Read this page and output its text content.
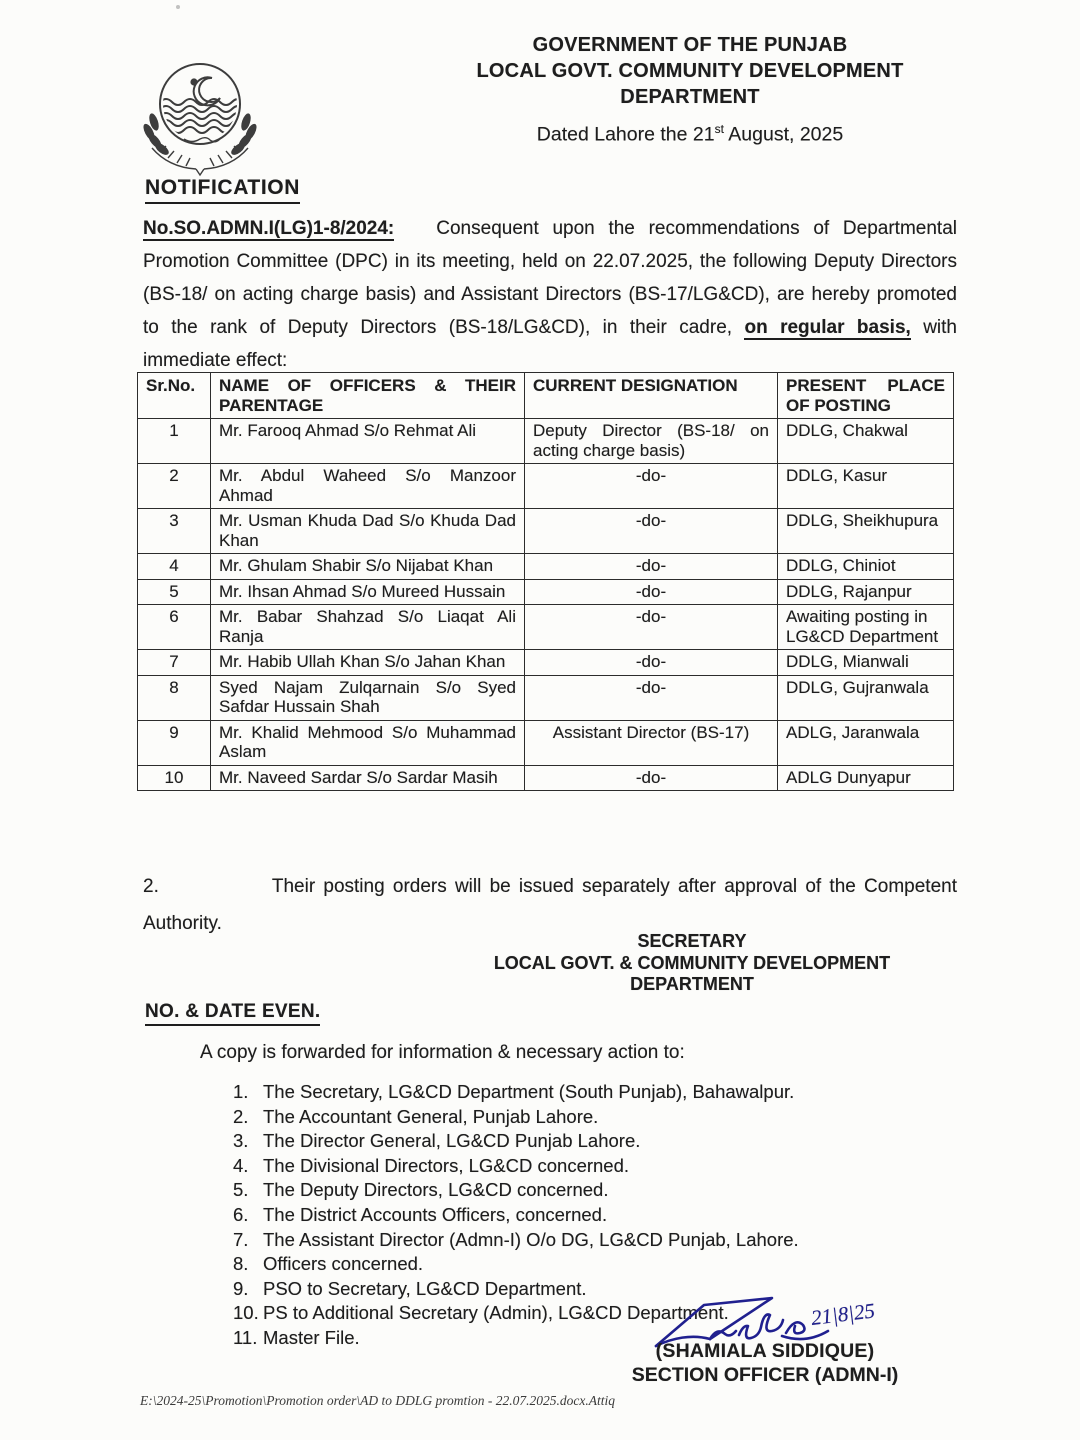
GOVERNMENT OF THE PUNJAB
LOCAL GOVT. COMMUNITY DEVELOPMENT
DEPARTMENT
Dated Lahore the 21st August, 2025
NOTIFICATION
No.SO.ADMN.I(LG)1-8/2024: Consequent upon the recommendations of Departmental Promotion Committee (DPC) in its meeting, held on 22.07.2025, the following Deputy Directors (BS-18/ on acting charge basis) and Assistant Directors (BS-17/LG&CD), are hereby promoted to the rank of Deputy Directors (BS-18/LG&CD), in their cadre, on regular basis, with immediate effect:
Sr.No.	NAME OF OFFICERS & THEIR PARENTAGE	CURRENT DESIGNATION	PRESENT PLACE OF POSTING
1	Mr. Farooq Ahmad S/o Rehmat Ali	Deputy Director (BS-18/ on acting charge basis)	DDLG, Chakwal
2	Mr. Abdul Waheed S/o Manzoor Ahmad	-do-	DDLG, Kasur
3	Mr. Usman Khuda Dad S/o Khuda Dad Khan	-do-	DDLG, Sheikhupura
4	Mr. Ghulam Shabir S/o Nijabat Khan	-do-	DDLG, Chiniot
5	Mr. Ihsan Ahmad S/o Mureed Hussain	-do-	DDLG, Rajanpur
6	Mr. Babar Shahzad S/o Liaqat Ali Ranja	-do-	Awaiting posting in LG&CD Department
7	Mr. Habib Ullah Khan S/o Jahan Khan	-do-	DDLG, Mianwali
8	Syed Najam Zulqarnain S/o Syed Safdar Hussain Shah	-do-	DDLG, Gujranwala
9	Mr. Khalid Mehmood S/o Muhammad Aslam	Assistant Director (BS-17)	ADLG, Jaranwala
10	Mr. Naveed Sardar S/o Sardar Masih	-do-	ADLG Dunyapur
2.	Their posting orders will be issued separately after approval of the Competent Authority.
SECRETARY
LOCAL GOVT. & COMMUNITY DEVELOPMENT
DEPARTMENT
NO. & DATE EVEN.
A copy is forwarded for information & necessary action to:
1. The Secretary, LG&CD Department (South Punjab), Bahawalpur.
2. The Accountant General, Punjab Lahore.
3. The Director General, LG&CD Punjab Lahore.
4. The Divisional Directors, LG&CD concerned.
5. The Deputy Directors, LG&CD concerned.
6. The District Accounts Officers, concerned.
7. The Assistant Director (Admn-I) O/o DG, LG&CD Punjab, Lahore.
8. Officers concerned.
9. PSO to Secretary, LG&CD Department.
10. PS to Additional Secretary (Admin), LG&CD Department.
11. Master File.
21|8|25
(SHAMIALA SIDDIQUE)
SECTION OFFICER (ADMN-I)
E:\2024-25\Promotion\Promotion order\AD to DDLG promtion - 22.07.2025.docx.Attiq
